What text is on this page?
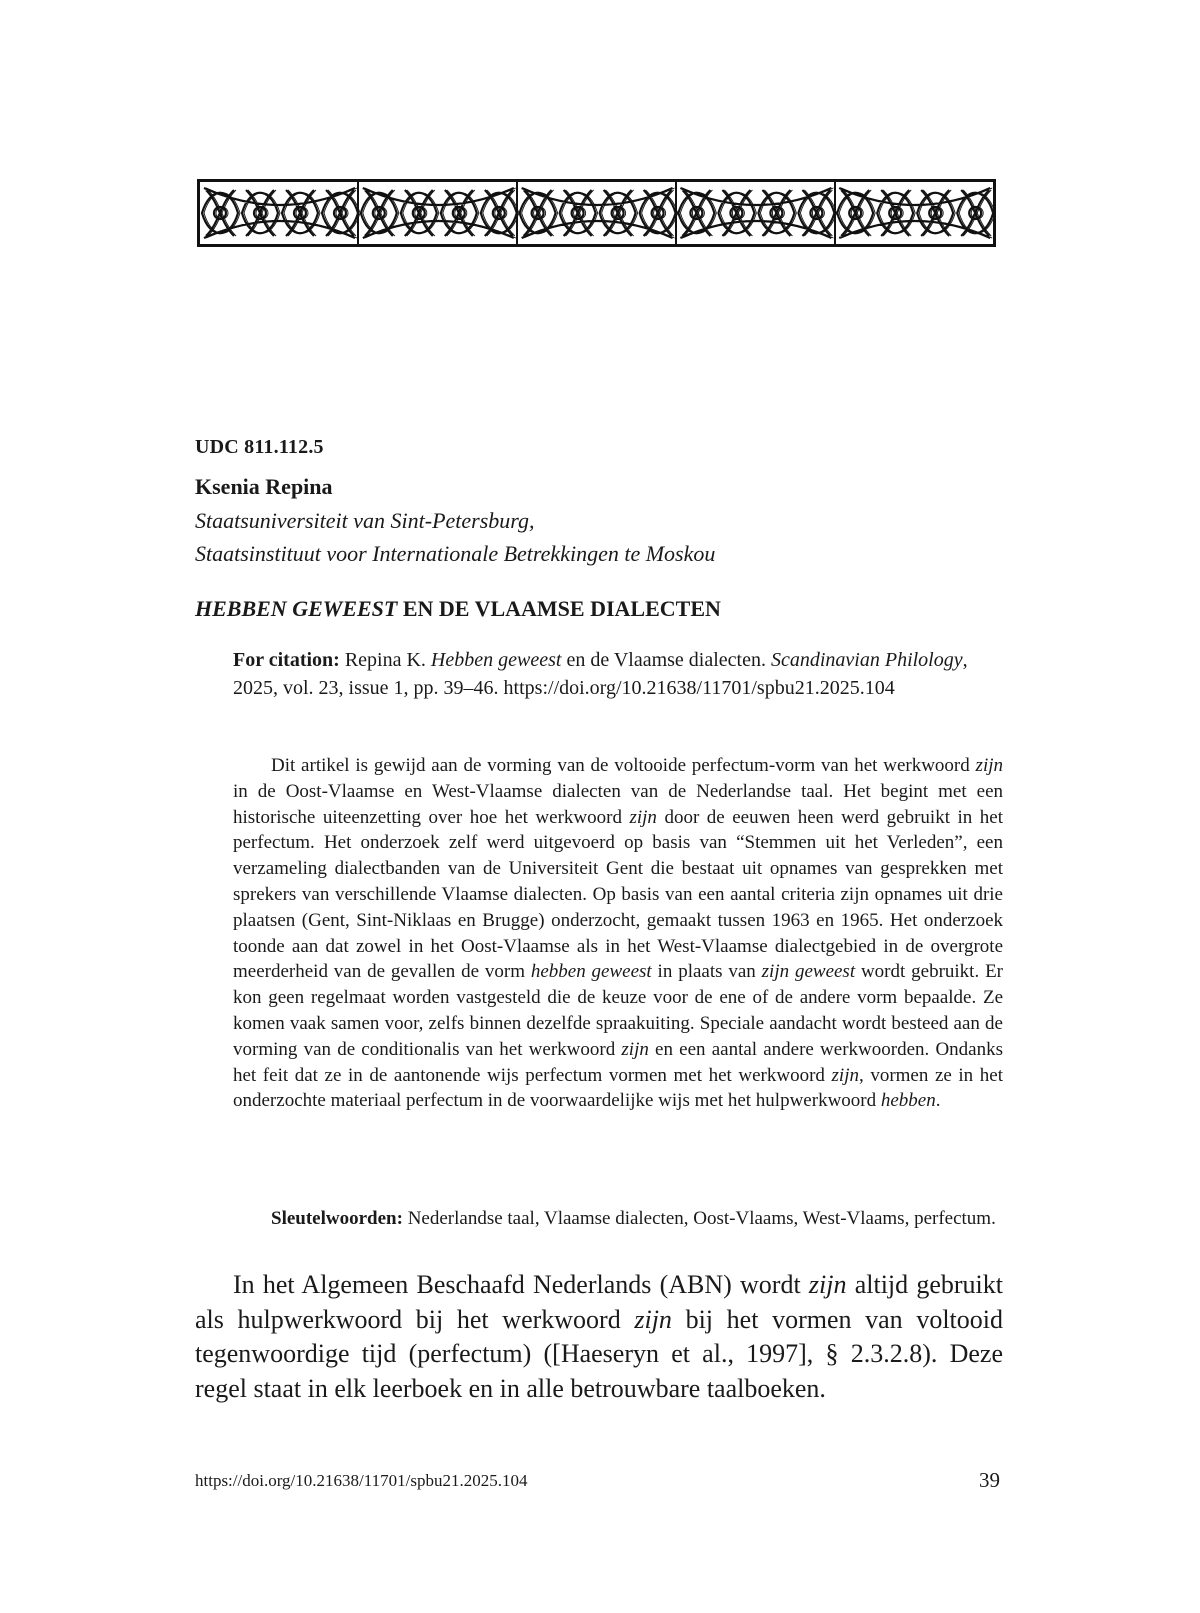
UDC 811.112.5
Ksenia Repina
Staatsuniversiteit van Sint-Petersburg,
Staatsinstituut voor Internationale Betrekkingen te Moskou
HEBBEN GEWEEST EN DE VLAAMSE DIALECTEN
For citation: Repina K. Hebben geweest en de Vlaamse dialecten. Scandinavian Philology, 2025, vol. 23, issue 1, pp. 39–46. https://doi.org/10.21638/11701/spbu21.2025.104
Dit artikel is gewijd aan de vorming van de voltooide perfectum-vorm van het werkwoord zijn in de Oost-Vlaamse en West-Vlaamse dialecten van de Nederlandse taal. Het begint met een historische uiteenzetting over hoe het werkwoord zijn door de eeuwen heen werd gebruikt in het perfectum. Het onderzoek zelf werd uitgevoerd op basis van “Stemmen uit het Verleden”, een verzameling dialectbanden van de Universiteit Gent die bestaat uit opnames van gesprekken met sprekers van verschillende Vlaamse dialecten. Op basis van een aantal criteria zijn opnames uit drie plaatsen (Gent, Sint-Niklaas en Brugge) onderzocht, gemaakt tussen 1963 en 1965. Het onderzoek toonde aan dat zowel in het Oost-Vlaamse als in het West-Vlaamse dialectgebied in de overgrote meerderheid van de gevallen de vorm hebben geweest in plaats van zijn geweest wordt gebruikt. Er kon geen regelmaat worden vastgesteld die de keuze voor de ene of de andere vorm bepaalde. Ze komen vaak samen voor, zelfs binnen dezelfde spraakuiting. Speciale aandacht wordt besteed aan de vorming van de conditionalis van het werkwoord zijn en een aantal andere werkwoorden. Ondanks het feit dat ze in de aantonende wijs perfectum vormen met het werkwoord zijn, vormen ze in het onderzochte materiaal perfectum in de voorwaardelijke wijs met het hulpwerkwoord hebben.
Sleutelwoorden: Nederlandse taal, Vlaamse dialecten, Oost-Vlaams, West-Vlaams, perfectum.
In het Algemeen Beschaafd Nederlands (ABN) wordt zijn altijd gebruikt als hulpwerkwoord bij het werkwoord zijn bij het vormen van voltooid tegenwoordige tijd (perfectum) ([Haeseryn et al., 1997], § 2.3.2.8). Deze regel staat in elk leerboek en in alle betrouwbare taalboeken.
https://doi.org/10.21638/11701/spbu21.2025.104	39
